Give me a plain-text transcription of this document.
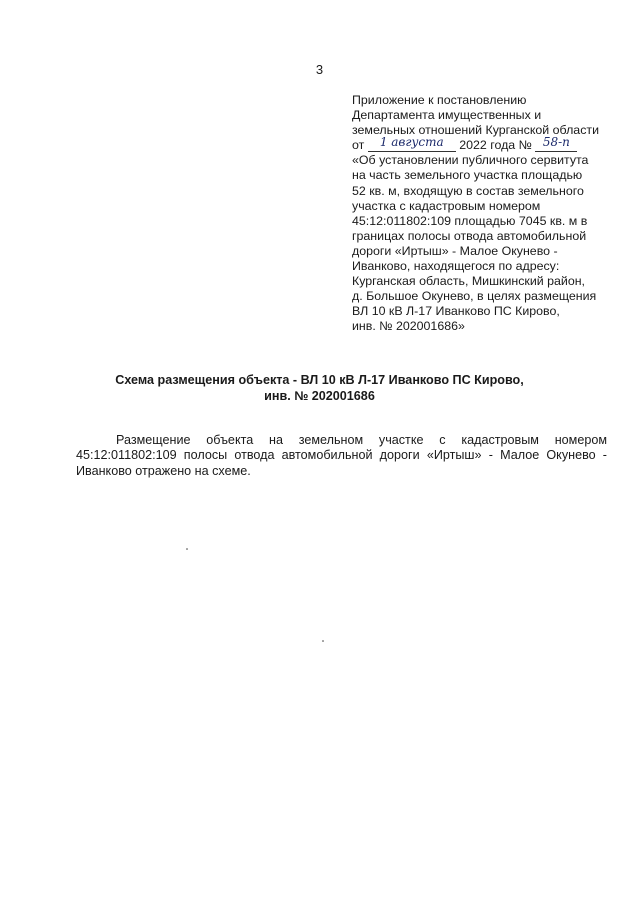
3
Приложение к постановлению
Департамента имущественных и
земельных отношений Курганской области
от 1 августа 2022 года № 58-п
«Об установлении публичного сервитута
на часть земельного участка площадью
52 кв. м, входящую в состав земельного
участка с кадастровым номером
45:12:011802:109 площадью 7045 кв. м в
границах полосы отвода автомобильной
дороги «Иртыш» - Малое Окунево -
Иванково, находящегося по адресу:
Курганская область, Мишкинский район,
д. Большое Окунево, в целях размещения
ВЛ 10 кВ Л-17 Иванково ПС Кирово,
инв. № 202001686»
Схема размещения объекта - ВЛ 10 кВ Л-17 Иванково ПС Кирово,
инв. № 202001686
Размещение объекта на земельном участке с кадастровым номером 45:12:011802:109 полосы отвода автомобильной дороги «Иртыш» - Малое Окунево - Иванково отражено на схеме.
